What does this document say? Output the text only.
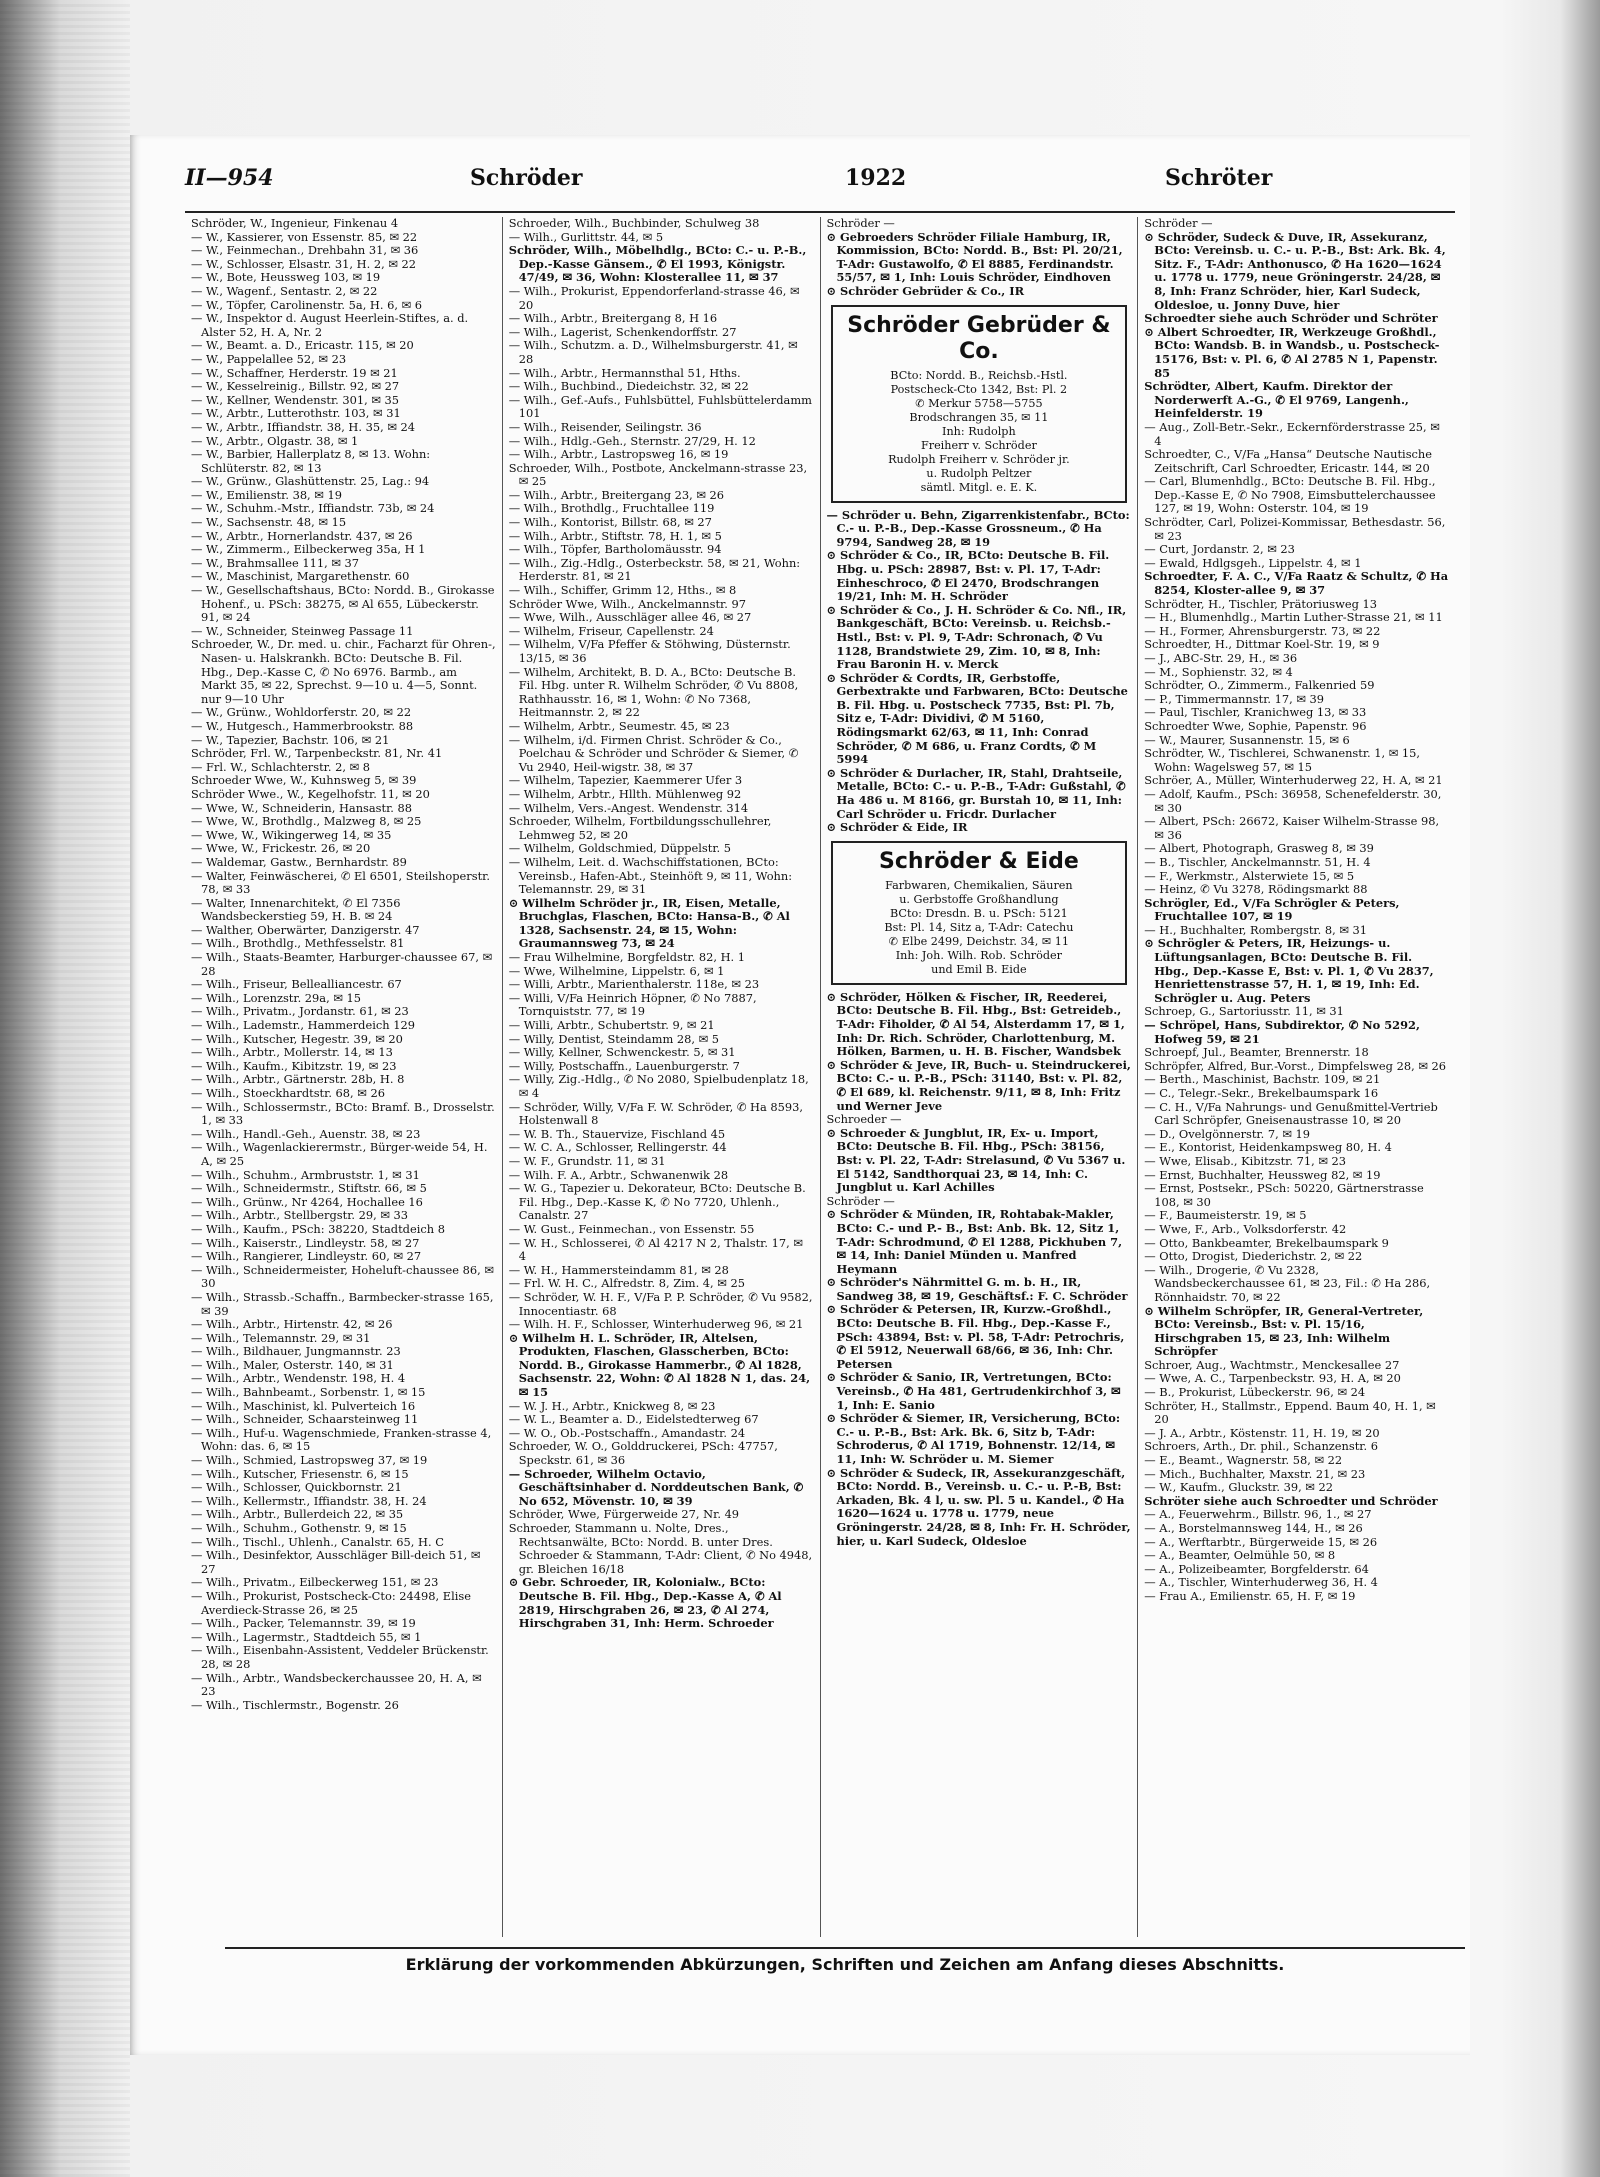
II—954	Schröder	1922	Schröter

Schröder, W., Ingenieur, Finkenau 4

— W., Kassierer, von Essenstr. 85, ✉ 22

— W., Feinmechan., Drehbahn 31, ✉ 36

— W., Schlosser, Elsastr. 31, H. 2, ✉ 22

— W., Bote, Heussweg 103, ✉ 19

— W., Wagenf., Sentastr. 2, ✉ 22

— W., Töpfer, Carolinenstr. 5a, H. 6, ✉ 6

— W., Inspektor d. August Heerlein-Stiftes, a. d. Alster 52, H. A, Nr. 2

— W., Beamt. a. D., Ericastr. 115, ✉ 20

— W., Pappelallee 52, ✉ 23

— W., Schaffner, Herderstr. 19 ✉ 21

— W., Kesselreinig., Billstr. 92, ✉ 27

— W., Kellner, Wendenstr. 301, ✉ 35

— W., Arbtr., Lutterothstr. 103, ✉ 31

— W., Arbtr., Iffiandstr. 38, H. 35, ✉ 24

— W., Arbtr., Olgastr. 38, ✉ 1

— W., Barbier, Hallerplatz 8, ✉ 13. Wohn: Schlüterstr. 82, ✉ 13

— W., Grünw., Glashüttenstr. 25, Lag.: 94

— W., Emilienstr. 38, ✉ 19

— W., Schuhm.-Mstr., Iffiandstr. 73b, ✉ 24

— W., Sachsenstr. 48, ✉ 15

— W., Arbtr., Hornerlandstr. 437, ✉ 26

— W., Zimmerm., Eilbeckerweg 35a, H 1

— W., Brahmsallee 111, ✉ 37

— W., Maschinist, Margarethenstr. 60

— W., Gesellschaftshaus, BCto: Nordd. B., Girokasse Hohenf., u. PSch: 38275, ✉ Al 655, Lübeckerstr. 91, ✉ 24

— W., Schneider, Steinweg Passage 11

Schroeder, W., Dr. med. u. chir., Facharzt für Ohren-, Nasen- u. Halskrankh. BCto: Deutsche B. Fil. Hbg., Dep.-Kasse C, ✆ No 6976. Barmb., am Markt 35, ✉ 22, Sprechst. 9—10 u. 4—5, Sonnt. nur 9—10 Uhr

— W., Grünw., Wohldorferstr. 20, ✉ 22

— W., Hutgesch., Hammerbrookstr. 88

— W., Tapezier, Bachstr. 106, ✉ 21

Schröder, Frl. W., Tarpenbeckstr. 81, Nr. 41

— Frl. W., Schlachterstr. 2, ✉ 8

Schroeder Wwe, W., Kuhnsweg 5, ✉ 39

Schröder Wwe., W., Kegelhofstr. 11, ✉ 20

— Wwe, W., Schneiderin, Hansastr. 88

— Wwe, W., Brothdlg., Malzweg 8, ✉ 25

— Wwe, W., Wikingerweg 14, ✉ 35

— Wwe, W., Frickestr. 26, ✉ 20

— Waldemar, Gastw., Bernhardstr. 89

— Walter, Feinwäscherei, ✆ El 6501, Steilshoperstr. 78, ✉ 33

— Walter, Innenarchitekt, ✆ El 7356 Wandsbeckerstieg 59, H. B. ✉ 24

— Walther, Oberwärter, Danzigerstr. 47

— Wilh., Brothdlg., Methfesselstr. 81

— Wilh., Staats-Beamter, Harburger-chaussee 67, ✉ 28

— Wilh., Friseur, Bellealliancestr. 67

— Wilh., Lorenzstr. 29a, ✉ 15

— Wilh., Privatm., Jordanstr. 61, ✉ 23

— Wilh., Lademstr., Hammerdeich 129

— Wilh., Kutscher, Hegestr. 39, ✉ 20

— Wilh., Arbtr., Mollerstr. 14, ✉ 13

— Wilh., Kaufm., Kibitzstr. 19, ✉ 23

— Wilh., Arbtr., Gärtnerstr. 28b, H. 8

— Wilh., Stoeckhardtstr. 68, ✉ 26

— Wilh., Schlossermstr., BCto: Bramf. B., Drosselstr. 1, ✉ 33

— Wilh., Handl.-Geh., Auenstr. 38, ✉ 23

— Wilh., Wagenlackierermstr., Bürger-weide 54, H. A, ✉ 25

— Wilh., Schuhm., Armbruststr. 1, ✉ 31

— Wilh., Schneidermstr., Stiftstr. 66, ✉ 5

— Wilh., Grünw., Nr 4264, Hochallee 16

— Wilh., Arbtr., Stellbergstr. 29, ✉ 33

— Wilh., Kaufm., PSch: 38220, Stadtdeich 8

— Wilh., Kaiserstr., Lindleystr. 58, ✉ 27

— Wilh., Rangierer, Lindleystr. 60, ✉ 27

— Wilh., Schneidermeister, Hoheluft-chaussee 86, ✉ 30

— Wilh., Strassb.-Schaffn., Barmbecker-strasse 165, ✉ 39

— Wilh., Arbtr., Hirtenstr. 42, ✉ 26

— Wilh., Telemannstr. 29, ✉ 31

— Wilh., Bildhauer, Jungmannstr. 23

— Wilh., Maler, Osterstr. 140, ✉ 31

— Wilh., Arbtr., Wendenstr. 198, H. 4

— Wilh., Bahnbeamt., Sorbenstr. 1, ✉ 15

— Wilh., Maschinist, kl. Pulverteich 16

— Wilh., Schneider, Schaarsteinweg 11

— Wilh., Huf-u. Wagenschmiede, Franken-strasse 4, Wohn: das. 6, ✉ 15

— Wilh., Schmied, Lastropsweg 37, ✉ 19

— Wilh., Kutscher, Friesenstr. 6, ✉ 15

— Wilh., Schlosser, Quickbornstr. 21

— Wilh., Kellermstr., Iffiandstr. 38, H. 24

— Wilh., Arbtr., Bullerdeich 22, ✉ 35

— Wilh., Schuhm., Gothenstr. 9, ✉ 15

— Wilh., Tischl., Uhlenh., Canalstr. 65, H. C

— Wilh., Desinfektor, Ausschläger Bill-deich 51, ✉ 27

— Wilh., Privatm., Eilbeckerweg 151, ✉ 23

— Wilh., Prokurist, Postscheck-Cto: 24498, Elise Averdieck-Strasse 26, ✉ 25

— Wilh., Packer, Telemannstr. 39, ✉ 19

— Wilh., Lagermstr., Stadtdeich 55, ✉ 1

— Wilh., Eisenbahn-Assistent, Veddeler Brückenstr. 28, ✉ 28

— Wilh., Arbtr., Wandsbeckerchaussee 20, H. A, ✉ 23

— Wilh., Tischlermstr., Bogenstr. 26

Schroeder, Wilh., Buchbinder, Schulweg 38

— Wilh., Gurlittstr. 44, ✉ 5

Schröder, Wilh., Möbelhdlg., BCto: C.- u. P.-B., Dep.-Kasse Gänsem., ✆ El 1993, Königstr. 47/49, ✉ 36, Wohn: Klosterallee 11, ✉ 37

— Wilh., Prokurist, Eppendorferland-strasse 46, ✉ 20

— Wilh., Arbtr., Breitergang 8, H 16

— Wilh., Lagerist, Schenkendorffstr. 27

— Wilh., Schutzm. a. D., Wilhelmsburgerstr. 41, ✉ 28

— Wilh., Arbtr., Hermannsthal 51, Hths.

— Wilh., Buchbind., Diedeichstr. 32, ✉ 22

— Wilh., Gef.-Aufs., Fuhlsbüttel, Fuhlsbüttelerdamm 101

— Wilh., Reisender, Seilingstr. 36

— Wilh., Hdlg.-Geh., Sternstr. 27/29, H. 12

— Wilh., Arbtr., Lastropsweg 16, ✉ 19

Schroeder, Wilh., Postbote, Anckelmann-strasse 23, ✉ 25

— Wilh., Arbtr., Breitergang 23, ✉ 26

— Wilh., Brothdlg., Fruchtallee 119

— Wilh., Kontorist, Billstr. 68, ✉ 27

— Wilh., Arbtr., Stiftstr. 78, H. 1, ✉ 5

— Wilh., Töpfer, Bartholomäusstr. 94

— Wilh., Zig.-Hdlg., Osterbeckstr. 58, ✉ 21, Wohn: Herderstr. 81, ✉ 21

— Wilh., Schiffer, Grimm 12, Hths., ✉ 8

Schröder Wwe, Wilh., Anckelmannstr. 97

— Wwe, Wilh., Ausschläger allee 46, ✉ 27

— Wilhelm, Friseur, Capellenstr. 24

— Wilhelm, V/Fa Pfeffer & Stöhwing, Düsternstr. 13/15, ✉ 36

— Wilhelm, Architekt, B. D. A., BCto: Deutsche B. Fil. Hbg. unter R. Wilhelm Schröder, ✆ Vu 8808, Rathhausstr. 16, ✉ 1, Wohn: ✆ No 7368, Heitmannstr. 2, ✉ 22

— Wilhelm, Arbtr., Seumestr. 45, ✉ 23

— Wilhelm, i/d. Firmen Christ. Schröder & Co., Poelchau & Schröder und Schröder & Siemer, ✆ Vu 2940, Heil-wigstr. 38, ✉ 37

— Wilhelm, Tapezier, Kaemmerer Ufer 3

— Wilhelm, Arbtr., Hllth. Mühlenweg 92

— Wilhelm, Vers.-Angest. Wendenstr. 314

Schroeder, Wilhelm, Fortbildungsschullehrer, Lehmweg 52, ✉ 20

— Wilhelm, Goldschmied, Düppelstr. 5

— Wilhelm, Leit. d. Wachschiffstationen, BCto: Vereinsb., Hafen-Abt., Steinhöft 9, ✉ 11, Wohn: Telemannstr. 29, ✉ 31

⊙ Wilhelm Schröder jr., IR, Eisen, Metalle, Bruchglas, Flaschen, BCto: Hansa-B., ✆ Al 1328, Sachsenstr. 24, ✉ 15, Wohn: Graumannsweg 73, ✉ 24

— Frau Wilhelmine, Borgfeldstr. 82, H. 1

— Wwe, Wilhelmine, Lippelstr. 6, ✉ 1

— Willi, Arbtr., Marienthalerstr. 118e, ✉ 23

— Willi, V/Fa Heinrich Höpner, ✆ No 7887, Tornquiststr. 77, ✉ 19

— Willi, Arbtr., Schubertstr. 9, ✉ 21

— Willy, Dentist, Steindamm 28, ✉ 5

— Willy, Kellner, Schwenckestr. 5, ✉ 31

— Willy, Postschaffn., Lauenburgerstr. 7

— Willy, Zig.-Hdlg., ✆ No 2080, Spielbudenplatz 18, ✉ 4

— Schröder, Willy, V/Fa F. W. Schröder, ✆ Ha 8593, Holstenwall 8

— W. B. Th., Stauervize, Fischland 45

— W. C. A., Schlosser, Rellingerstr. 44

— W. F., Grundstr. 11, ✉ 31

— Wilh. F. A., Arbtr., Schwanenwik 28

— W. G., Tapezier u. Dekorateur, BCto: Deutsche B. Fil. Hbg., Dep.-Kasse K, ✆ No 7720, Uhlenh., Canalstr. 27

— W. Gust., Feinmechan., von Essenstr. 55

— W. H., Schlosserei, ✆ Al 4217 N 2, Thalstr. 17, ✉ 4

— W. H., Hammersteindamm 81, ✉ 28

— Frl. W. H. C., Alfredstr. 8, Zim. 4, ✉ 25

— Schröder, W. H. F., V/Fa P. P. Schröder, ✆ Vu 9582, Innocentiastr. 68

— Wilh. H. F., Schlosser, Winterhuderweg 96, ✉ 21

⊙ Wilhelm H. L. Schröder, IR, Altelsen, Produkten, Flaschen, Glasscherben, BCto: Nordd. B., Girokasse Hammerbr., ✆ Al 1828, Sachsenstr. 22, Wohn: ✆ Al 1828 N 1, das. 24, ✉ 15

— W. J. H., Arbtr., Knickweg 8, ✉ 23

— W. L., Beamter a. D., Eidelstedterweg 67

— W. O., Ob.-Postschaffn., Amandastr. 24

Schroeder, W. O., Golddruckerei, PSch: 47757, Speckstr. 61, ✉ 36

— Schroeder, Wilhelm Octavio, Geschäftsinhaber d. Norddeutschen Bank, ✆ No 652, Mövenstr. 10, ✉ 39

Schröder, Wwe, Fürgerweide 27, Nr. 49

Schroeder, Stammann u. Nolte, Dres., Rechtsanwälte, BCto: Nordd. B. unter Dres. Schroeder & Stammann, T-Adr: Client, ✆ No 4948, gr. Bleichen 16/18

⊙ Gebr. Schroeder, IR, Kolonialw., BCto: Deutsche B. Fil. Hbg., Dep.-Kasse A, ✆ Al 2819, Hirschgraben 26, ✉ 23, ✆ Al 274, Hirschgraben 31, Inh: Herm. Schroeder

Schröder —

⊙ Gebroeders Schröder Filiale Hamburg, IR, Kommission, BCto: Nordd. B., Bst: Pl. 20/21, T-Adr: Gustawolfo, ✆ El 8885, Ferdinandstr. 55/57, ✉ 1, Inh: Louis Schröder, Eindhoven

⊙ Schröder Gebrüder & Co., IR

Schröder Gebrüder & Co.
BCto: Nordd. B., Reichsb.-Hstl.
Postscheck-Cto 1342, Bst: Pl. 2
✆ Merkur 5758—5755
Brodschrangen 35, ✉ 11
Inh: Rudolph
Freiherr v. Schröder
Rudolph Freiherr v. Schröder jr.
u. Rudolph Peltzer
sämtl. Mitgl. e. E. K.

— Schröder u. Behn, Zigarrenkistenfabr., BCto: C.- u. P.-B., Dep.-Kasse Grossneum., ✆ Ha 9794, Sandweg 28, ✉ 19

⊙ Schröder & Co., IR, BCto: Deutsche B. Fil. Hbg. u. PSch: 28987, Bst: v. Pl. 17, T-Adr: Einheschroco, ✆ El 2470, Brodschrangen 19/21, Inh: M. H. Schröder

⊙ Schröder & Co., J. H. Schröder & Co. Nfl., IR, Bankgeschäft, BCto: Vereinsb. u. Reichsb.-Hstl., Bst: v. Pl. 9, T-Adr: Schronach, ✆ Vu 1128, Brandstwiete 29, Zim. 10, ✉ 8, Inh: Frau Baronin H. v. Merck

⊙ Schröder & Cordts, IR, Gerbstoffe, Gerbextrakte und Farbwaren, BCto: Deutsche B. Fil. Hbg. u. Postscheck 7735, Bst: Pl. 7b, Sitz e, T-Adr: Dividivi, ✆ M 5160, Rödingsmarkt 62/63, ✉ 11, Inh: Conrad Schröder, ✆ M 686, u. Franz Cordts, ✆ M 5994

⊙ Schröder & Durlacher, IR, Stahl, Drahtseile, Metalle, BCto: C.- u. P.-B., T-Adr: Gußstahl, ✆ Ha 486 u. M 8166, gr. Burstah 10, ✉ 11, Inh: Carl Schröder u. Fricdr. Durlacher

⊙ Schröder & Eide, IR

Schröder & Eide
Farbwaren, Chemikalien, Säuren
u. Gerbstoffe Großhandlung
BCto: Dresdn. B. u. PSch: 5121
Bst: Pl. 14, Sitz a, T-Adr: Catechu
✆ Elbe 2499, Deichstr. 34, ✉ 11
Inh: Joh. Wilh. Rob. Schröder
und Emil B. Eide

⊙ Schröder, Hölken & Fischer, IR, Reederei, BCto: Deutsche B. Fil. Hbg., Bst: Getreideb., T-Adr: Fiholder, ✆ Al 54, Alsterdamm 17, ✉ 1, Inh: Dr. Rich. Schröder, Charlottenburg, M. Hölken, Barmen, u. H. B. Fischer, Wandsbek

⊙ Schröder & Jeve, IR, Buch- u. Steindruckerei, BCto: C.- u. P.-B., PSch: 31140, Bst: v. Pl. 82, ✆ El 689, kl. Reichenstr. 9/11, ✉ 8, Inh: Fritz und Werner Jeve

Schroeder —

⊙ Schroeder & Jungblut, IR, Ex- u. Import, BCto: Deutsche B. Fil. Hbg., PSch: 38156, Bst: v. Pl. 22, T-Adr: Strelasund, ✆ Vu 5367 u. El 5142, Sandthorquai 23, ✉ 14, Inh: C. Jungblut u. Karl Achilles

Schröder —

⊙ Schröder & Münden, IR, Rohtabak-Makler, BCto: C.- und P.- B., Bst: Anb. Bk. 12, Sitz 1, T-Adr: Schrodmund, ✆ El 1288, Pickhuben 7, ✉ 14, Inh: Daniel Münden u. Manfred Heymann

⊙ Schröder's Nährmittel G. m. b. H., IR, Sandweg 38, ✉ 19, Geschäftsf.: F. C. Schröder

⊙ Schröder & Petersen, IR, Kurzw.-Großhdl., BCto: Deutsche B. Fil. Hbg., Dep.-Kasse F., PSch: 43894, Bst: v. Pl. 58, T-Adr: Petrochris, ✆ El 5912, Neuerwall 68/66, ✉ 36, Inh: Chr. Petersen

⊙ Schröder & Sanio, IR, Vertretungen, BCto: Vereinsb., ✆ Ha 481, Gertrudenkirchhof 3, ✉ 1, Inh: E. Sanio

⊙ Schröder & Siemer, IR, Versicherung, BCto: C.- u. P.-B., Bst: Ark. Bk. 6, Sitz b, T-Adr: Schroderus, ✆ Al 1719, Bohnenstr. 12/14, ✉ 11, Inh: W. Schröder u. M. Siemer

⊙ Schröder & Sudeck, IR, Assekuranzgeschäft, BCto: Nordd. B., Vereinsb. u. C.- u. P.-B, Bst: Arkaden, Bk. 4 l, u. sw. Pl. 5 u. Kandel., ✆ Ha 1620—1624 u. 1778 u. 1779, neue Gröningerstr. 24/28, ✉ 8, Inh: Fr. H. Schröder, hier, u. Karl Sudeck, Oldesloe

Schröder —

⊙ Schröder, Sudeck & Duve, IR, Assekuranz, BCto: Vereinsb. u. C.- u. P.-B., Bst: Ark. Bk. 4, Sitz. F., T-Adr: Anthonusco, ✆ Ha 1620—1624 u. 1778 u. 1779, neue Gröningerstr. 24/28, ✉ 8, Inh: Franz Schröder, hier, Karl Sudeck, Oldesloe, u. Jonny Duve, hier

Schroedter siehe auch Schröder und Schröter

⊙ Albert Schroedter, IR, Werkzeuge Großhdl., BCto: Wandsb. B. in Wandsb., u. Postscheck- 15176, Bst: v. Pl. 6, ✆ Al 2785 N 1, Papenstr. 85

Schrödter, Albert, Kaufm. Direktor der Norderwerft A.-G., ✆ El 9769, Langenh., Heinfelderstr. 19

— Aug., Zoll-Betr.-Sekr., Eckernförderstrasse 25, ✉ 4

Schroedter, C., V/Fa „Hansa“ Deutsche Nautische Zeitschrift, Carl Schroedter, Ericastr. 144, ✉ 20

— Carl, Blumenhdlg., BCto: Deutsche B. Fil. Hbg., Dep.-Kasse E, ✆ No 7908, Eimsbuttelerchaussee 127, ✉ 19, Wohn: Osterstr. 104, ✉ 19

Schrödter, Carl, Polizei-Kommissar, Bethesdastr. 56, ✉ 23

— Curt, Jordanstr. 2, ✉ 23

— Ewald, Hdlgsgeh., Lippelstr. 4, ✉ 1

Schroedter, F. A. C., V/Fa Raatz & Schultz, ✆ Ha 8254, Kloster-allee 9, ✉ 37

Schrödter, H., Tischler, Prätoriusweg 13

— H., Blumenhdlg., Martin Luther-Strasse 21, ✉ 11

— H., Former, Ahrensburgerstr. 73, ✉ 22

Schroedter, H., Dittmar Koel-Str. 19, ✉ 9

— J., ABC-Str. 29, H., ✉ 36

— M., Sophienstr. 32, ✉ 4

Schrödter, O., Zimmerm., Falkenried 59

— P., Timmermannstr. 17, ✉ 39

— Paul, Tischler, Kranichweg 13, ✉ 33

Schroedter Wwe, Sophie, Papenstr. 96

— W., Maurer, Susannenstr. 15, ✉ 6

Schrödter, W., Tischlerei, Schwanenstr. 1, ✉ 15, Wohn: Wagelsweg 57, ✉ 15

Schröer, A., Müller, Winterhuderweg 22, H. A, ✉ 21

— Adolf, Kaufm., PSch: 36958, Schenefelderstr. 30, ✉ 30

— Albert, PSch: 26672, Kaiser Wilhelm-Strasse 98, ✉ 36

— Albert, Photograph, Grasweg 8, ✉ 39

— B., Tischler, Anckelmannstr. 51, H. 4

— F., Werkmstr., Alsterwiete 15, ✉ 5

— Heinz, ✆ Vu 3278, Rödingsmarkt 88

Schrögler, Ed., V/Fa Schrögler & Peters, Fruchtallee 107, ✉ 19

— H., Buchhalter, Rombergstr. 8, ✉ 31

⊙ Schrögler & Peters, IR, Heizungs- u. Lüftungsanlagen, BCto: Deutsche B. Fil. Hbg., Dep.-Kasse E, Bst: v. Pl. 1, ✆ Vu 2837, Henriettenstrasse 57, H. 1, ✉ 19, Inh: Ed. Schrögler u. Aug. Peters

Schroep, G., Sartoriusstr. 11, ✉ 31

— Schröpel, Hans, Subdirektor, ✆ No 5292, Hofweg 59, ✉ 21

Schroepf, Jul., Beamter, Brennerstr. 18

Schröpfer, Alfred, Bur.-Vorst., Dimpfelsweg 28, ✉ 26

— Berth., Maschinist, Bachstr. 109, ✉ 21

— C., Telegr.-Sekr., Brekelbaumspark 16

— C. H., V/Fa Nahrungs- und Genußmittel-Vertrieb Carl Schröpfer, Gneisenaustrasse 10, ✉ 20

— D., Ovelgönnerstr. 7, ✉ 19

— E., Kontorist, Heidenkampsweg 80, H. 4

— Wwe, Elisab., Kibitzstr. 71, ✉ 23

— Ernst, Buchhalter, Heussweg 82, ✉ 19

— Ernst, Postsekr., PSch: 50220, Gärtnerstrasse 108, ✉ 30

— F., Baumeisterstr. 19, ✉ 5

— Wwe, F., Arb., Volksdorferstr. 42

— Otto, Bankbeamter, Brekelbaumspark 9

— Otto, Drogist, Diederichstr. 2, ✉ 22

— Wilh., Drogerie, ✆ Vu 2328, Wandsbeckerchaussee 61, ✉ 23, Fil.: ✆ Ha 286, Rönnhaidstr. 70, ✉ 22

⊙ Wilhelm Schröpfer, IR, General-Vertreter, BCto: Vereinsb., Bst: v. Pl. 15/16, Hirschgraben 15, ✉ 23, Inh: Wilhelm Schröpfer

Schroer, Aug., Wachtmstr., Menckesallee 27

— Wwe, A. C., Tarpenbeckstr. 93, H. A, ✉ 20

— B., Prokurist, Lübeckerstr. 96, ✉ 24

Schröter, H., Stallmstr., Eppend. Baum 40, H. 1, ✉ 20

— J. A., Arbtr., Köstenstr. 11, H. 19, ✉ 20

Schroers, Arth., Dr. phil., Schanzenstr. 6

— E., Beamt., Wagnerstr. 58, ✉ 22

— Mich., Buchhalter, Maxstr. 21, ✉ 23

— W., Kaufm., Gluckstr. 39, ✉ 22

Schröter siehe auch Schroedter und Schröder

— A., Feuerwehrm., Billstr. 96, 1., ✉ 27

— A., Borstelmannsweg 144, H., ✉ 26

— A., Werftarbtr., Bürgerweide 15, ✉ 26

— A., Beamter, Oelmühle 50, ✉ 8

— A., Polizeibeamter, Borgfelderstr. 64

— A., Tischler, Winterhuderweg 36, H. 4

— Frau A., Emilienstr. 65, H. F, ✉ 19

Erklärung der vorkommenden Abkürzungen, Schriften und Zeichen am Anfang dieses Abschnitts.
